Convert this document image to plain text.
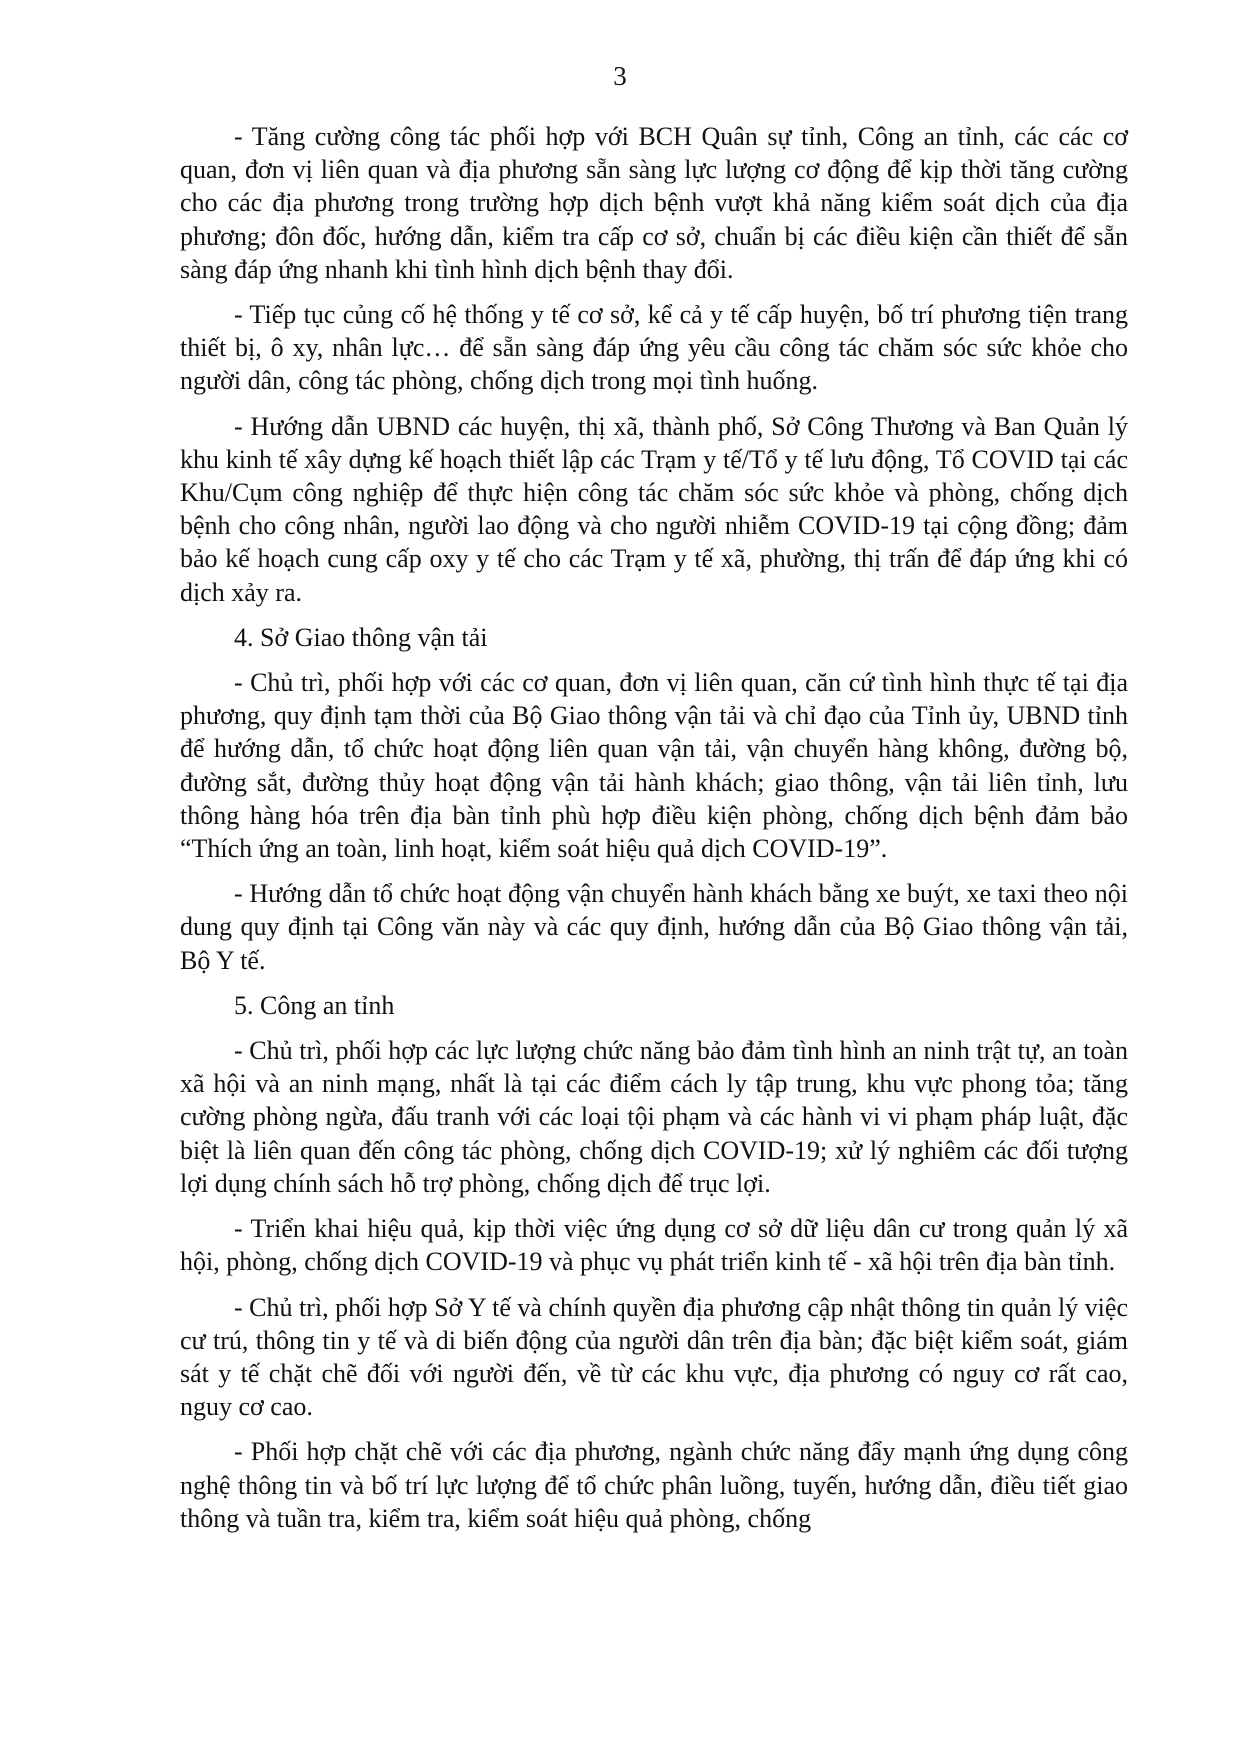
3

- Tăng cường công tác phối hợp với BCH Quân sự tỉnh, Công an tỉnh, các các cơ quan, đơn vị liên quan và địa phương sẵn sàng lực lượng cơ động để kịp thời tăng cường cho các địa phương trong trường hợp dịch bệnh vượt khả năng kiểm soát dịch của địa phương; đôn đốc, hướng dẫn, kiểm tra cấp cơ sở, chuẩn bị các điều kiện cần thiết để sẵn sàng đáp ứng nhanh khi tình hình dịch bệnh thay đổi.

- Tiếp tục củng cố hệ thống y tế cơ sở, kể cả y tế cấp huyện, bố trí phương tiện trang thiết bị, ô xy, nhân lực… để sẵn sàng đáp ứng yêu cầu công tác chăm sóc sức khỏe cho người dân, công tác phòng, chống dịch trong mọi tình huống.

- Hướng dẫn UBND các huyện, thị xã, thành phố, Sở Công Thương và Ban Quản lý khu kinh tế xây dựng kế hoạch thiết lập các Trạm y tế/Tổ y tế lưu động, Tổ COVID tại các Khu/Cụm công nghiệp để thực hiện công tác chăm sóc sức khỏe và phòng, chống dịch bệnh cho công nhân, người lao động và cho người nhiễm COVID-19 tại cộng đồng; đảm bảo kế hoạch cung cấp oxy y tế cho các Trạm y tế xã, phường, thị trấn để đáp ứng khi có dịch xảy ra.

4. Sở Giao thông vận tải

- Chủ trì, phối hợp với các cơ quan, đơn vị liên quan, căn cứ tình hình thực tế tại địa phương, quy định tạm thời của Bộ Giao thông vận tải và chỉ đạo của Tỉnh ủy, UBND tỉnh để hướng dẫn, tổ chức hoạt động liên quan vận tải, vận chuyển hàng không, đường bộ, đường sắt, đường thủy hoạt động vận tải hành khách; giao thông, vận tải liên tỉnh, lưu thông hàng hóa trên địa bàn tỉnh phù hợp điều kiện phòng, chống dịch bệnh đảm bảo “Thích ứng an toàn, linh hoạt, kiểm soát hiệu quả dịch COVID-19”.

- Hướng dẫn tổ chức hoạt động vận chuyển hành khách bằng xe buýt, xe taxi theo nội dung quy định tại Công văn này và các quy định, hướng dẫn của Bộ Giao thông vận tải, Bộ Y tế.

5. Công an tỉnh

- Chủ trì, phối hợp các lực lượng chức năng bảo đảm tình hình an ninh trật tự, an toàn xã hội và an ninh mạng, nhất là tại các điểm cách ly tập trung, khu vực phong tỏa; tăng cường phòng ngừa, đấu tranh với các loại tội phạm và các hành vi vi phạm pháp luật, đặc biệt là liên quan đến công tác phòng, chống dịch COVID-19; xử lý nghiêm các đối tượng lợi dụng chính sách hỗ trợ phòng, chống dịch để trục lợi.

- Triển khai hiệu quả, kịp thời việc ứng dụng cơ sở dữ liệu dân cư trong quản lý xã hội, phòng, chống dịch COVID-19 và phục vụ phát triển kinh tế - xã hội trên địa bàn tỉnh.

- Chủ trì, phối hợp Sở Y tế và chính quyền địa phương cập nhật thông tin quản lý việc cư trú, thông tin y tế và di biến động của người dân trên địa bàn; đặc biệt kiểm soát, giám sát y tế chặt chẽ đối với người đến, về từ các khu vực, địa phương có nguy cơ rất cao, nguy cơ cao.

- Phối hợp chặt chẽ với các địa phương, ngành chức năng đẩy mạnh ứng dụng công nghệ thông tin và bố trí lực lượng để tổ chức phân luồng, tuyến, hướng dẫn, điều tiết giao thông và tuần tra, kiểm tra, kiểm soát hiệu quả phòng, chống
